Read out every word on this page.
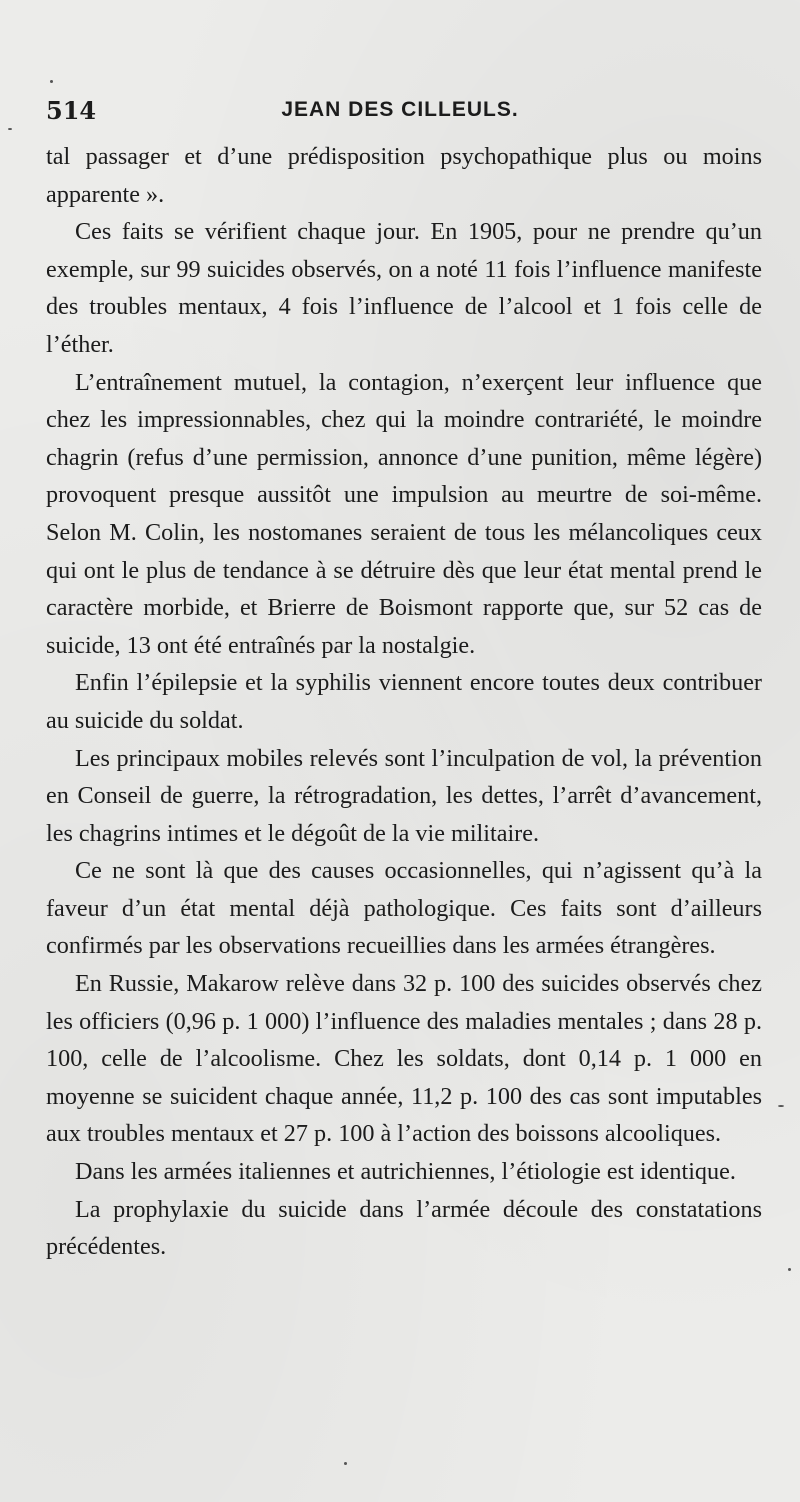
514	JEAN DES CILLEULS.

tal passager et d’une prédisposition psychopathique plus ou moins apparente ».

Ces faits se vérifient chaque jour. En 1905, pour ne prendre qu’un exemple, sur 99 suicides observés, on a noté 11 fois l’influence manifeste des troubles mentaux, 4 fois l’influence de l’alcool et 1 fois celle de l’éther.

L’entraînement mutuel, la contagion, n’exerçent leur influence que chez les impressionnables, chez qui la moindre contrariété, le moindre chagrin (refus d’une permission, annonce d’une punition, même légère) provoquent presque aussitôt une impulsion au meurtre de soi-même. Selon M. Colin, les nostomanes seraient de tous les mélancoliques ceux qui ont le plus de tendance à se détruire dès que leur état mental prend le caractère morbide, et Brierre de Boismont rapporte que, sur 52 cas de suicide, 13 ont été entraînés par la nostalgie.

Enfin l’épilepsie et la syphilis viennent encore toutes deux contribuer au suicide du soldat.

Les principaux mobiles relevés sont l’inculpation de vol, la prévention en Conseil de guerre, la rétrogradation, les dettes, l’arrêt d’avancement, les chagrins intimes et le dégoût de la vie militaire.

Ce ne sont là que des causes occasionnelles, qui n’agissent qu’à la faveur d’un état mental déjà pathologique. Ces faits sont d’ailleurs confirmés par les observations recueillies dans les armées étrangères.

En Russie, Makarow relève dans 32 p. 100 des suicides observés chez les officiers (0,96 p. 1 000) l’influence des maladies mentales ; dans 28 p. 100, celle de l’alcoolisme. Chez les soldats, dont 0,14 p. 1 000 en moyenne se suicident chaque année, 11,2 p. 100 des cas sont imputables aux troubles mentaux et 27 p. 100 à l’action des boissons alcooliques.

Dans les armées italiennes et autrichiennes, l’étiologie est identique.

La prophylaxie du suicide dans l’armée découle des constatations précédentes.
